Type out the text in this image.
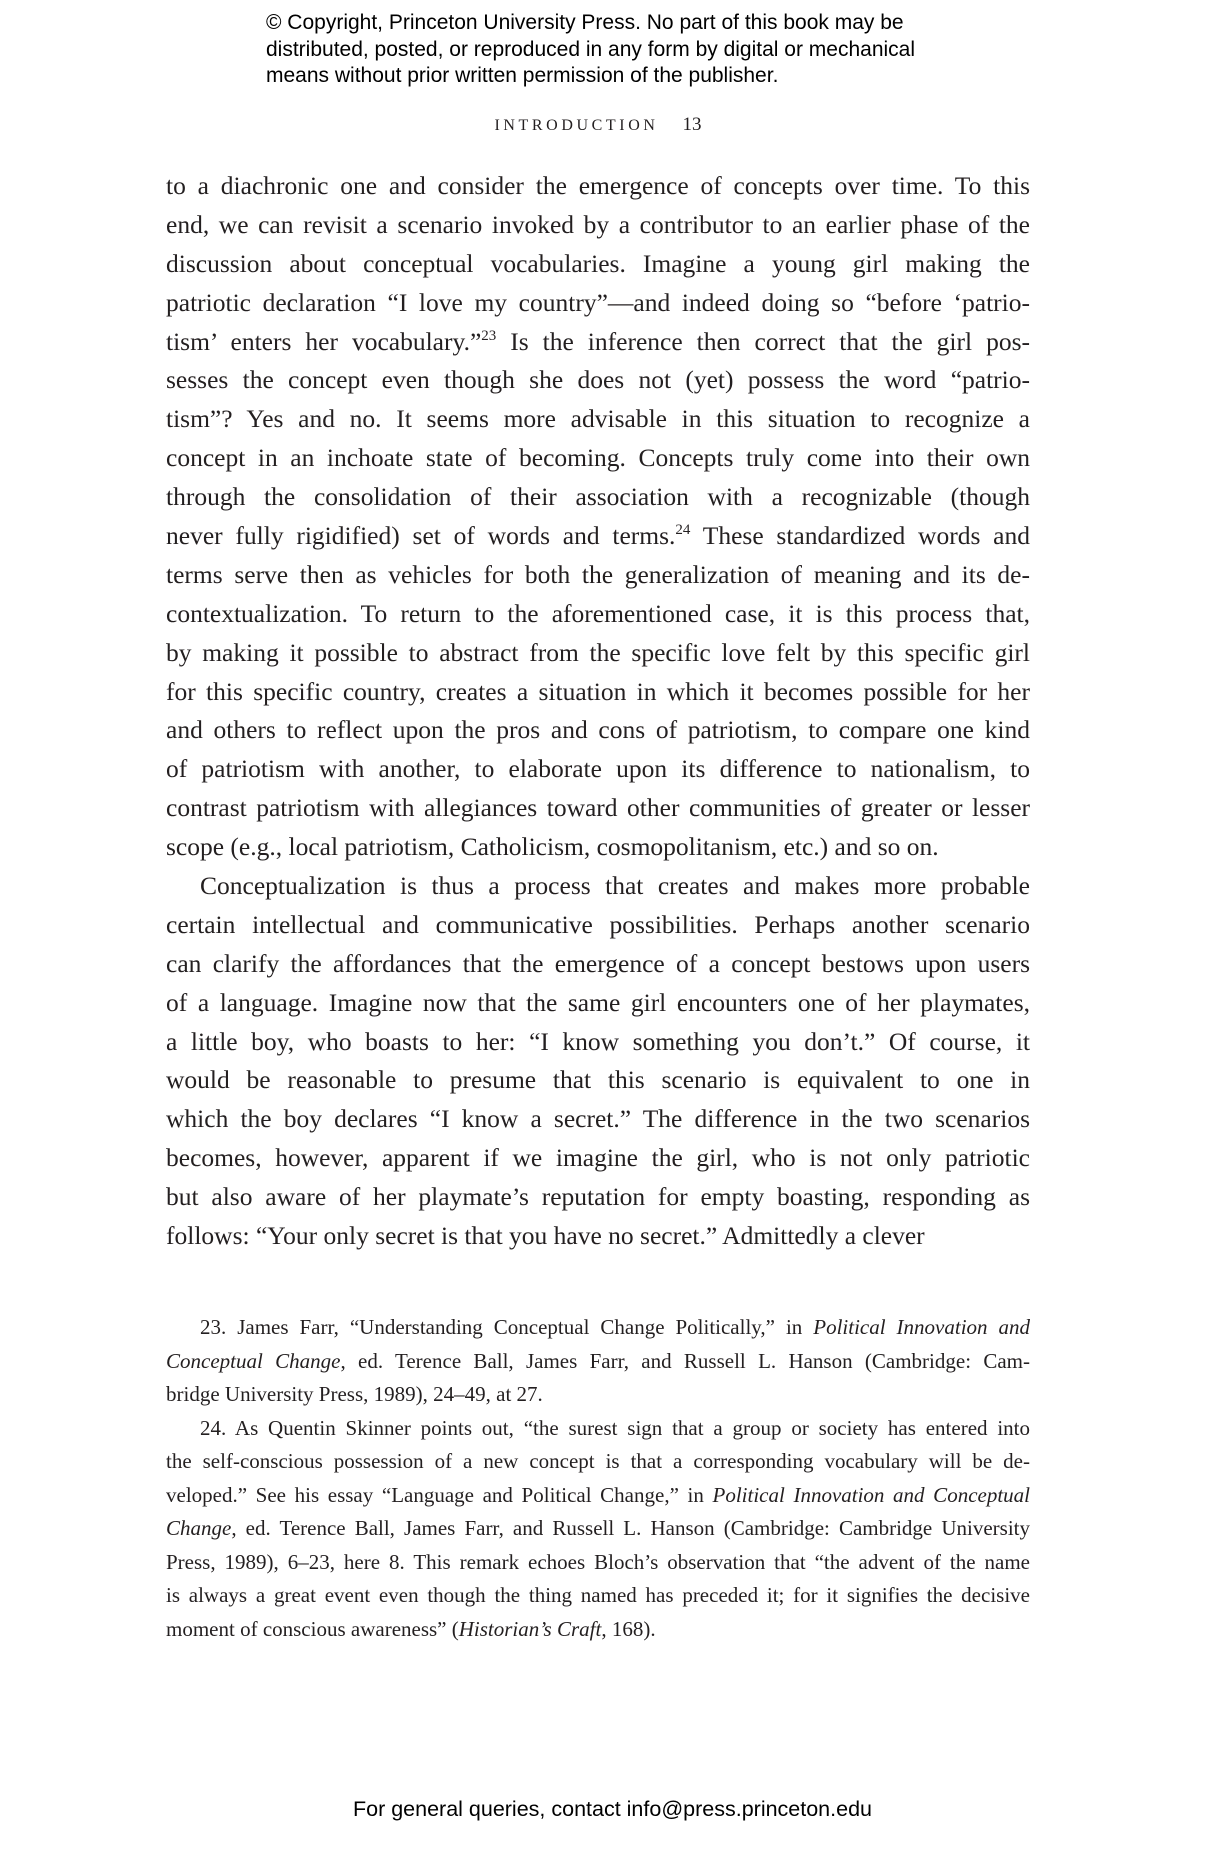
© Copyright, Princeton University Press. No part of this book may be
distributed, posted, or reproduced in any form by digital or mechanical
means without prior written permission of the publisher.
INTRODUCTION 13
to a diachronic one and consider the emergence of concepts over time. To this
end, we can revisit a scenario invoked by a contributor to an earlier phase of the
discussion about conceptual vocabularies. Imagine a young girl making the
patriotic declaration “I love my country”—and indeed doing so “before ‘patrio-
tism’ enters her vocabulary.”$^{23}$ Is the inference then correct that the girl pos-
sesses the concept even though she does not (yet) possess the word “patrio-
tism”? Yes and no. It seems more advisable in this situation to recognize a
concept in an inchoate state of becoming. Concepts truly come into their own
through the consolidation of their association with a recognizable (though
never fully rigidified) set of words and terms.$^{24}$ These standardized words and
terms serve then as vehicles for both the generalization of meaning and its de-
contextualization. To return to the aforementioned case, it is this process that,
by making it possible to abstract from the specific love felt by this specific girl
for this specific country, creates a situation in which it becomes possible for her
and others to reflect upon the pros and cons of patriotism, to compare one kind
of patriotism with another, to elaborate upon its difference to nationalism, to
contrast patriotism with allegiances toward other communities of greater or lesser
scope (e.g., local patriotism, Catholicism, cosmopolitanism, etc.) and so on.
Conceptualization is thus a process that creates and makes more probable
certain intellectual and communicative possibilities. Perhaps another scenario
can clarify the affordances that the emergence of a concept bestows upon users
of a language. Imagine now that the same girl encounters one of her playmates,
a little boy, who boasts to her: “I know something you don’t.” Of course, it
would be reasonable to presume that this scenario is equivalent to one in
which the boy declares “I know a secret.” The difference in the two scenarios
becomes, however, apparent if we imagine the girl, who is not only patriotic
but also aware of her playmate’s reputation for empty boasting, responding as
follows: “Your only secret is that you have no secret.” Admittedly a clever
23. James Farr, “Understanding Conceptual Change Politically,” in Political Innovation and
Conceptual Change, ed. Terence Ball, James Farr, and Russell L. Hanson (Cambridge: Cam-
bridge University Press, 1989), 24–49, at 27.
24. As Quentin Skinner points out, “the surest sign that a group or society has entered into
the self-conscious possession of a new concept is that a corresponding vocabulary will be de-
veloped.” See his essay “Language and Political Change,” in Political Innovation and Conceptual
Change, ed. Terence Ball, James Farr, and Russell L. Hanson (Cambridge: Cambridge University
Press, 1989), 6–23, here 8. This remark echoes Bloch’s observation that “the advent of the name
is always a great event even though the thing named has preceded it; for it signifies the decisive
moment of conscious awareness” (Historian’s Craft, 168).
For general queries, contact info@press.princeton.edu
